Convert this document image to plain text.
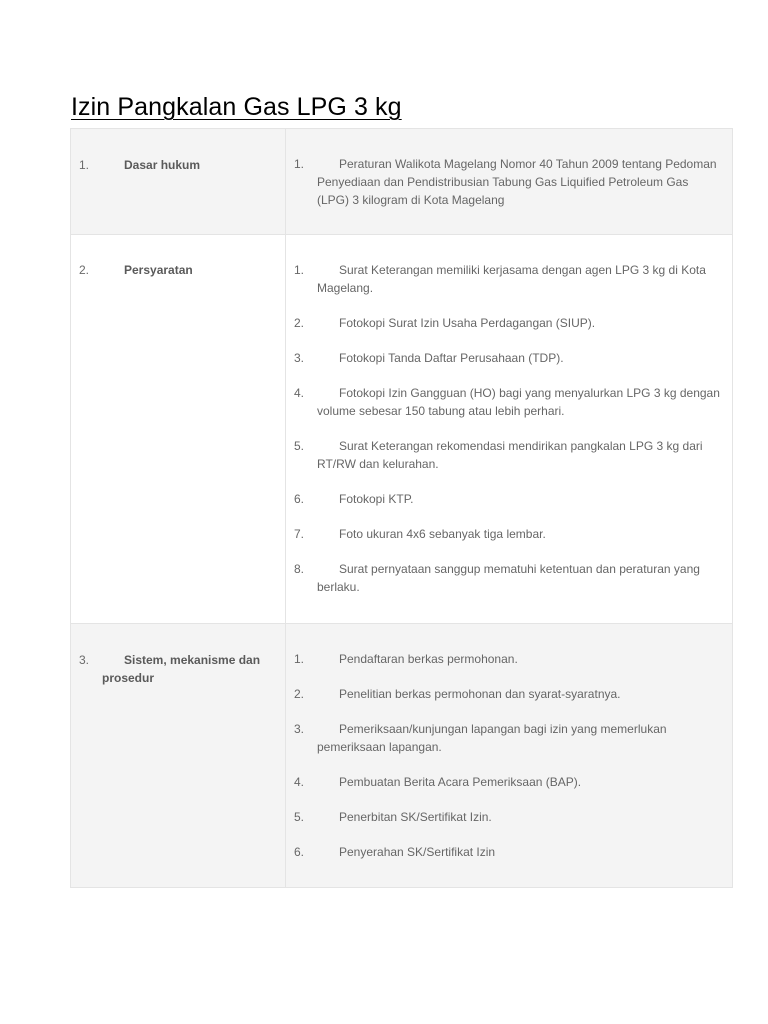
Izin Pangkalan Gas LPG 3 kg
1.	Dasar hukum	1.	Peraturan Walikota Magelang Nomor 40 Tahun 2009 tentang Pedoman Penyediaan dan Pendistribusian Tabung Gas Liquified Petroleum Gas (LPG) 3 kilogram di Kota Magelang
2.	Persyaratan	1.	Surat Keterangan memiliki kerjasama dengan agen LPG 3 kg di Kota Magelang.
2.	Fotokopi Surat Izin Usaha Perdagangan (SIUP).
3.	Fotokopi Tanda Daftar Perusahaan (TDP).
4.	Fotokopi Izin Gangguan (HO) bagi yang menyalurkan LPG 3 kg dengan volume sebesar 150 tabung atau lebih perhari.
5.	Surat Keterangan rekomendasi mendirikan pangkalan LPG 3 kg dari RT/RW dan kelurahan.
6.	Fotokopi KTP.
7.	Foto ukuran 4x6 sebanyak tiga lembar.
8.	Surat pernyataan sanggup mematuhi ketentuan dan peraturan yang berlaku.
3.	Sistem, mekanisme dan prosedur
1.	Pendaftaran berkas permohonan.
2.	Penelitian berkas permohonan dan syarat-syaratnya.
3.	Pemeriksaan/kunjungan lapangan bagi izin yang memerlukan pemeriksaan lapangan.
4.	Pembuatan Berita Acara Pemeriksaan (BAP).
5.	Penerbitan SK/Sertifikat Izin.
6.	Penyerahan SK/Sertifikat Izin
